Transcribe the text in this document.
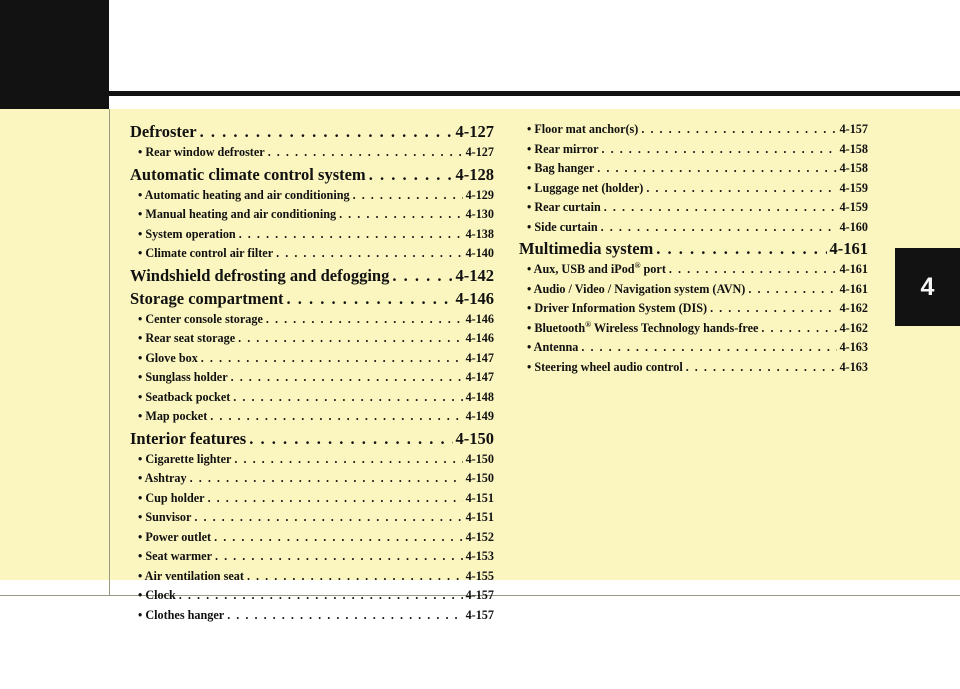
4
Defroster . . .	4-127
• Rear window defroster . . .	4-127
Automatic climate control system . . .	4-128
• Automatic heating and air conditioning . . .	4-129
• Manual heating and air conditioning . . .	4-130
• System operation . . .	4-138
• Climate control air filter . . .	4-140
Windshield defrosting and defogging . . .	4-142
Storage compartment . . .	4-146
• Center console storage . . .	4-146
• Rear seat storage . . .	4-146
• Glove box . . .	4-147
• Sunglass holder . . .	4-147
• Seatback pocket . . .	4-148
• Map pocket . . .	4-149
Interior features . . .	4-150
• Cigarette lighter . . .	4-150
• Ashtray . . .	4-150
• Cup holder . . .	4-151
• Sunvisor . . .	4-151
• Power outlet . . .	4-152
• Seat warmer . . .	4-153
• Air ventilation seat . . .	4-155
• Clock . . .	4-157
• Clothes hanger . . .	4-157
• Floor mat anchor(s) . . .	4-157
• Rear mirror . . .	4-158
• Bag hanger . . .	4-158
• Luggage net (holder) . . .	4-159
• Rear curtain . . .	4-159
• Side curtain . . .	4-160
Multimedia system . . .	4-161
• Aux, USB and iPod® port . . .	4-161
• Audio / Video / Navigation system (AVN) . . .	4-161
• Driver Information System (DIS) . . .	4-162
• Bluetooth® Wireless Technology hands-free . . .	4-162
• Antenna . . .	4-163
• Steering wheel audio control . . .	4-163
